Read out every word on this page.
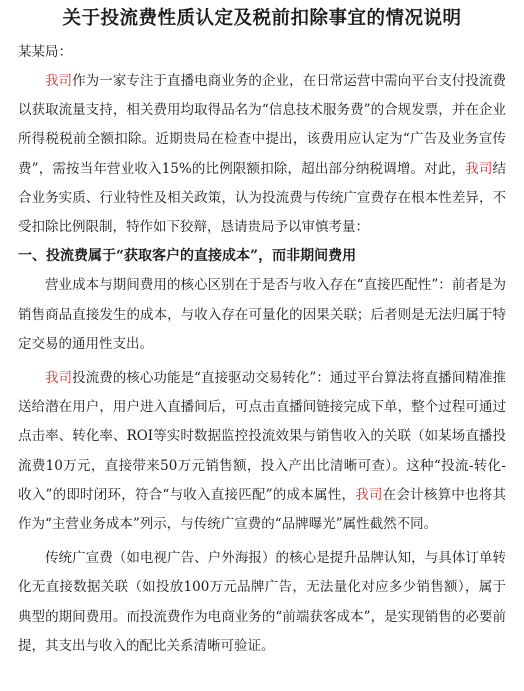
关于投流费性质认定及税前扣除事宜的情况说明

某某局：

我司作为一家专注于直播电商业务的企业，在日常运营中需向平台支付投流费以获取流量支持，相关费用均取得品名为“信息技术服务费”的合规发票，并在企业所得税税前全额扣除。近期贵局在检查中提出，该费用应认定为“广告及业务宣传费”，需按当年营业收入15%的比例限额扣除，超出部分纳税调增。对此，我司结合业务实质、行业特性及相关政策，认为投流费与传统广宣费存在根本性差异，不受扣除比例限制，特作如下狡辩，恳请贵局予以审慎考量：

一、投流费属于“获取客户的直接成本”，而非期间费用

营业成本与期间费用的核心区别在于是否与收入存在“直接匹配性”：前者是为销售商品直接发生的成本，与收入存在可量化的因果关联；后者则是无法归属于特定交易的通用性支出。

我司投流费的核心功能是“直接驱动交易转化”：通过平台算法将直播间精准推送给潜在用户，用户进入直播间后，可点击直播间链接完成下单，整个过程可通过点击率、转化率、ROI等实时数据监控投流效果与销售收入的关联（如某场直播投流费10万元，直接带来50万元销售额，投入产出比清晰可查）。这种“投流-转化-收入”的即时闭环，符合“与收入直接匹配”的成本属性，我司在会计核算中也将其作为“主营业务成本”列示，与传统广宣费的“品牌曝光”属性截然不同。

传统广宣费（如电视广告、户外海报）的核心是提升品牌认知，与具体订单转化无直接数据关联（如投放100万元品牌广告，无法量化对应多少销售额），属于典型的期间费用。而投流费作为电商业务的“前端获客成本”，是实现销售的必要前提，其支出与收入的配比关系清晰可验证。
